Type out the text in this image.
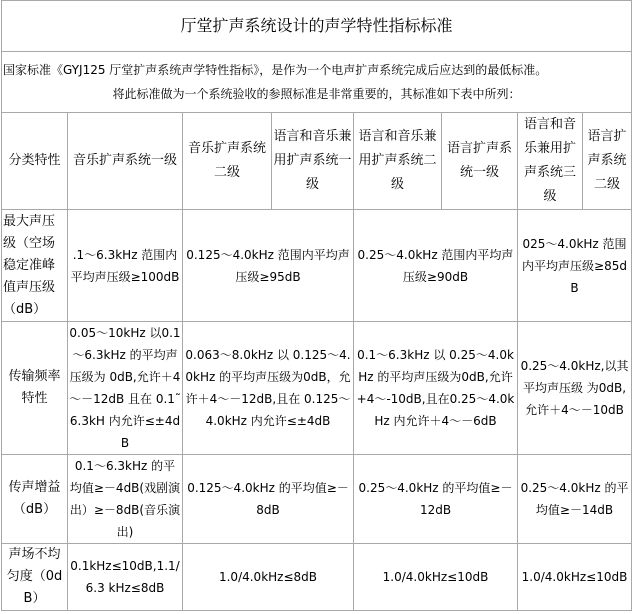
厅堂扩声系统设计的声学特性指标标准							

国家标准《GYJ125 厅堂扩声系统声学特性指标》，是作为一个电声扩声系统完成后应达到的最低标准。
将此标准做为一个系统验收的参照标准是非常重要的，其标准如下表中所列：							

分类特性	音乐扩声系统一级	音乐扩声系统二级	语言和音乐兼用扩声系统一级	语言和音乐兼用扩声系统二级	语言扩声系统一级	语言和音乐兼用扩声系统三级	语言扩声系统二级
最大声压级（空场稳定准峰值声压级（dB）	.1～6.3kHz 范围内平均声压级≥100dB	0.125～4.0kHz 范围内平均声压级≥95dB		0.25～4.0kHz 范围内平均声压级≥90dB		025～4.0kHz 范围内平均声压级≥85dB	
传输频率特性	0.05～10kHz 以0.1～6.3kHz 的平均声压级为 0dB,允许＋4～－12dB 且在 0.1˜6.3kH 内允许≤±4dB	0.063～8.0kHz 以 0.125～4.0kHz 的平均声压级为0dB，允许＋4～－12dB,且在 0.125～4.0kHz 内允许≤±4dB		0.1～6.3kHz 以 0.25～4.0kHz 的平均声压级为0dB,允许+4～-10dB,且在0.25～4.0kHz 内允许＋4～－6dB		0.25～4.0kHz,以其平均声压级 为0dB,允许＋4～－10dB	
传声增益（dB）	0.1～6.3kHz 的平均值≥－4dB(戏剧演出）≥－8dB(音乐演出)	0.125～4.0kHz 的平均值≥－8dB		0.25～4.0kHz 的平均值≥－12dB		0.25～4.0kHz 的平均值≥－14dB	
声场不均匀度（0dB）	0.1kHz≤10dB,1.1/6.3 kHz≤8dB	1.0/4.0kHz≤8dB		1.0/4.0kHz≤10dB		1.0/4.0kHz≤10dB	
